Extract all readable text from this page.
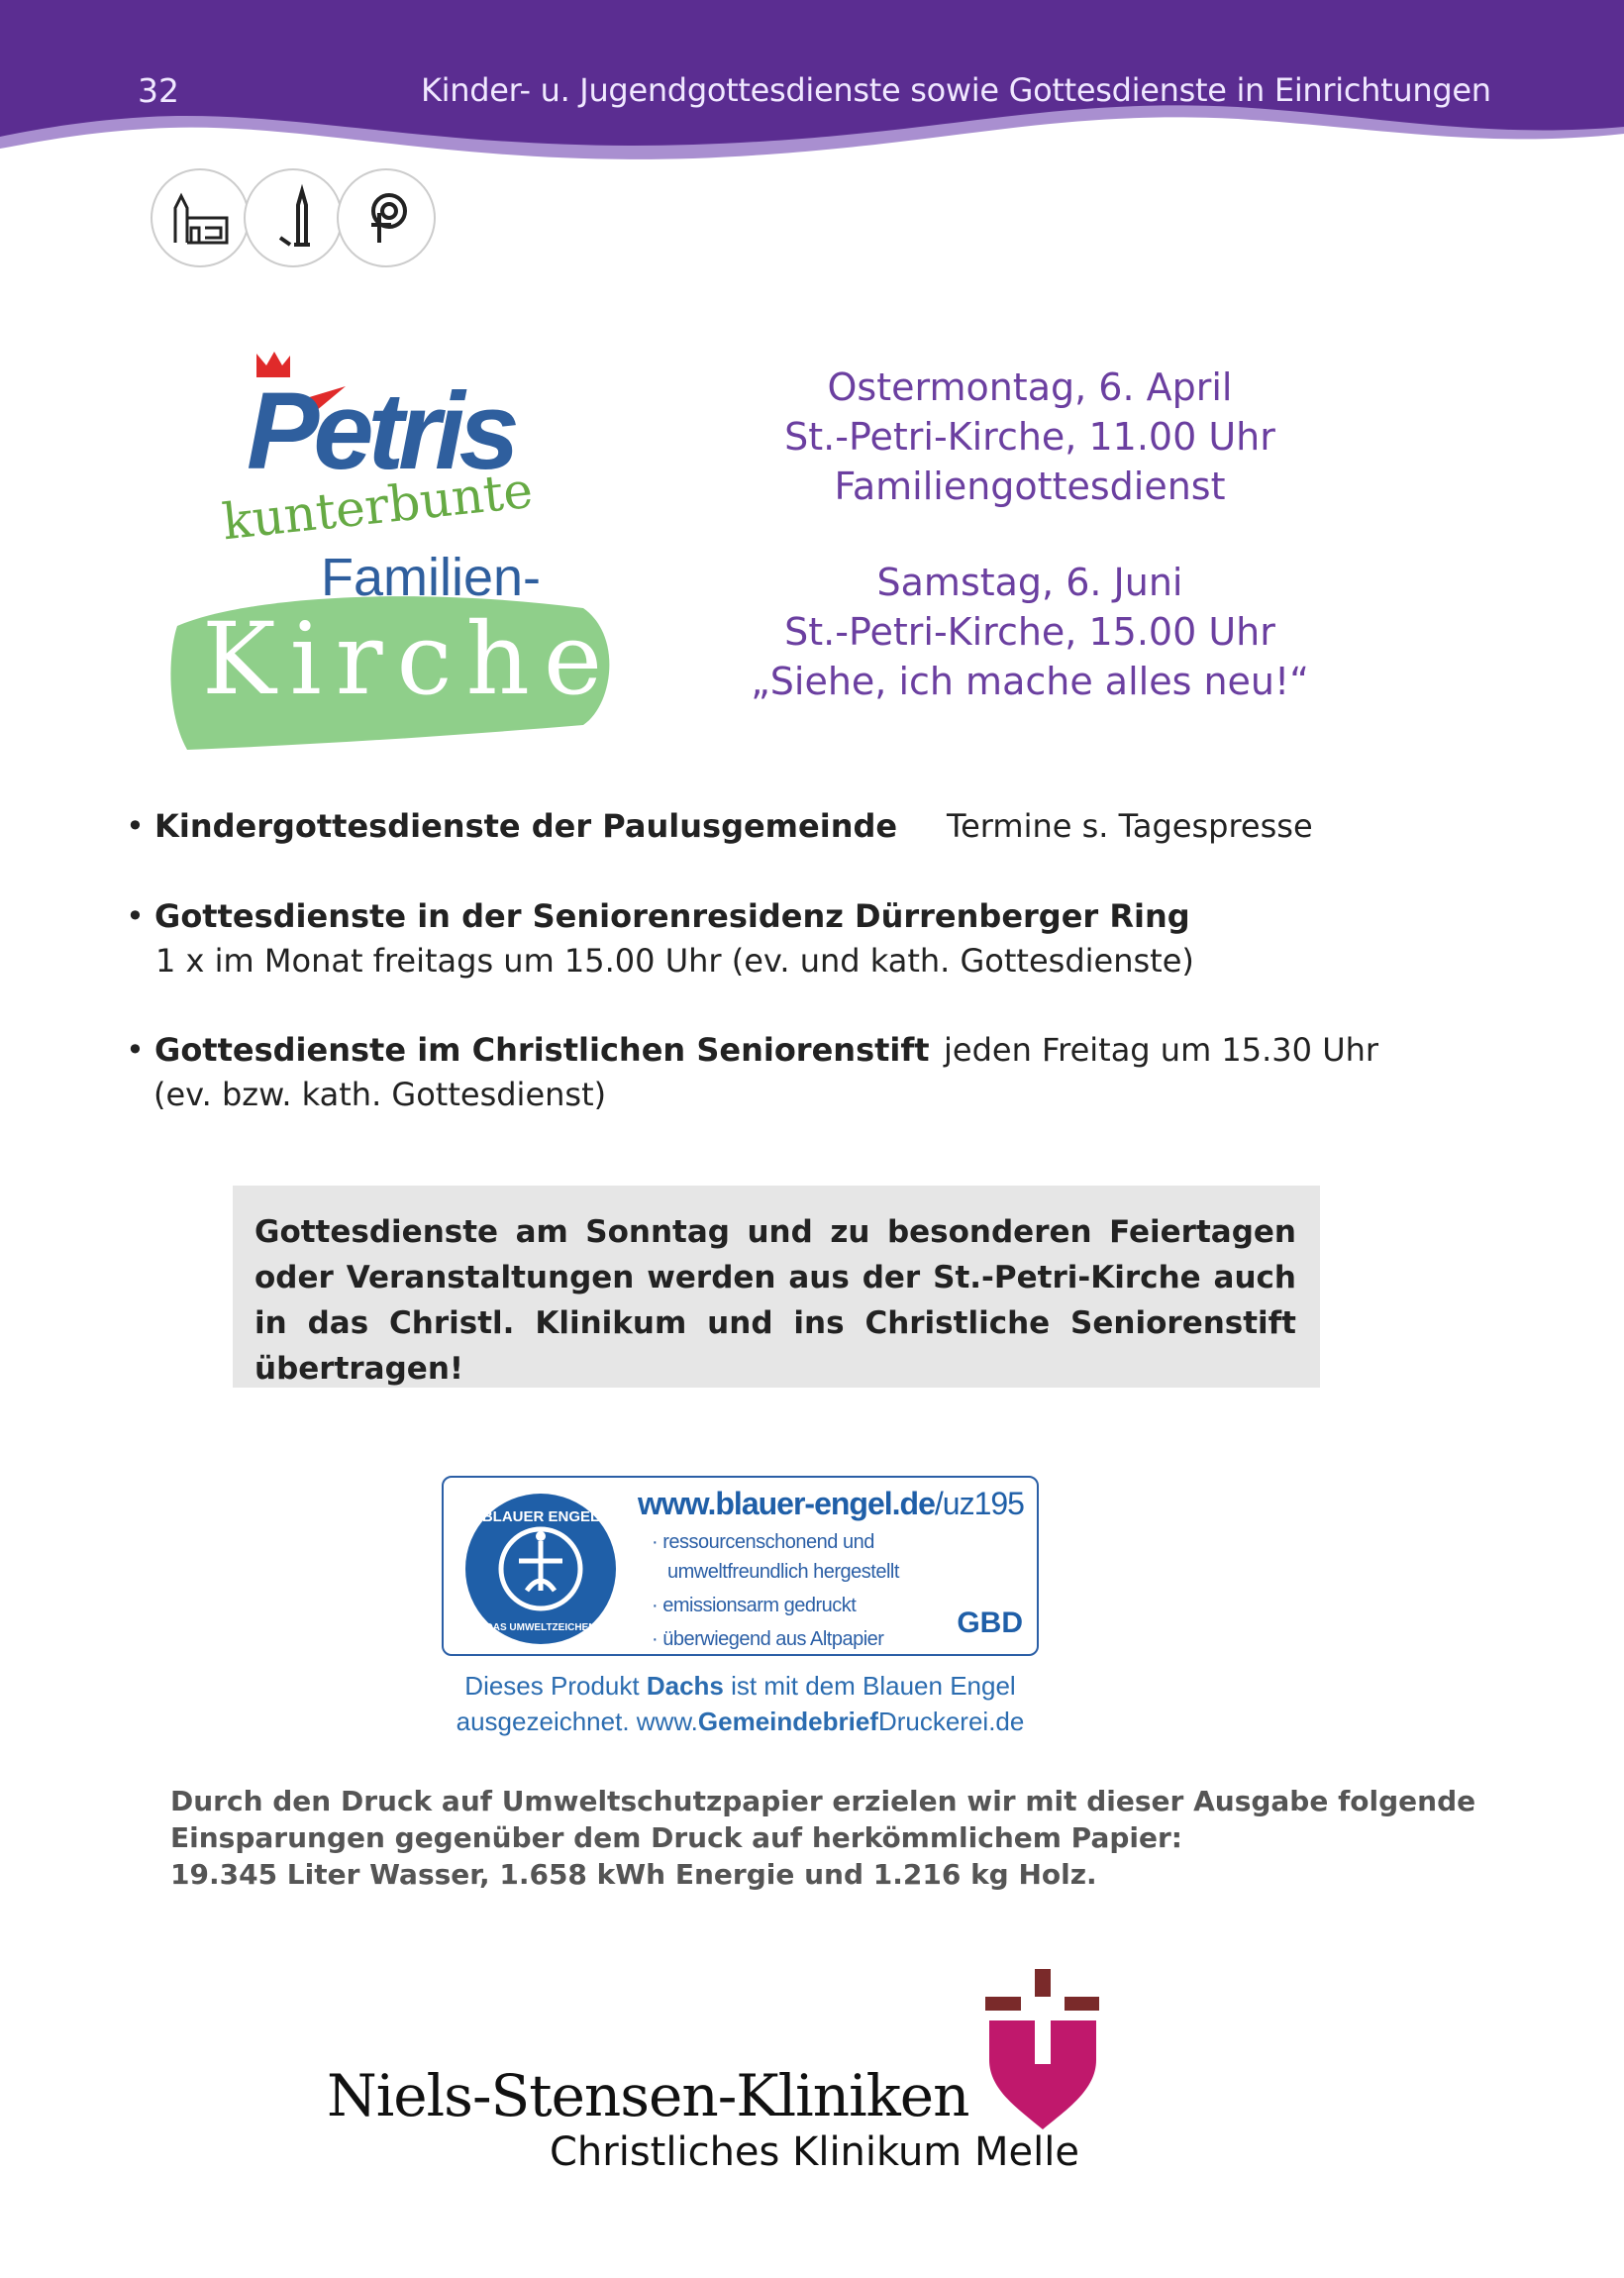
32	Kinder- u. Jugendgottesdienste sowie Gottesdienste in Einrichtungen
Petris
kunterbunte
Familien-
Kirche
Ostermontag, 6. April
St.-Petri-Kirche, 11.00 Uhr
Familiengottesdienst
Samstag, 6. Juni
St.-Petri-Kirche, 15.00 Uhr
„Siehe, ich mache alles neu!“
• Kindergottesdienste der Paulusgemeinde Termine s. Tagespresse
• Gottesdienste in der Seniorenresidenz Dürrenberger Ring
1 x im Monat freitags um 15.00 Uhr (ev. und kath. Gottesdienste)
• Gottesdienste im Christlichen Seniorenstift jeden Freitag um 15.30 Uhr
(ev. bzw. kath. Gottesdienst)
Gottesdienste am Sonntag und zu besonderen Feiertagen oder Veranstaltungen werden aus der St.-Petri-Kirche auch in das Christl. Klinikum und ins Christliche Seniorenstift übertragen!
BLAUER ENGEL
DAS UMWELTZEICHEN
www.blauer-engel.de/uz195
· ressourcenschonend und
umweltfreundlich hergestellt
· emissionsarm gedruckt
· überwiegend aus Altpapier	GBD
Dieses Produkt Dachs ist mit dem Blauen Engel
ausgezeichnet. www.GemeindebriefDruckerei.de
Durch den Druck auf Umweltschutzpapier erzielen wir mit dieser Ausgabe folgende
Einsparungen gegenüber dem Druck auf herkömmlichem Papier:
19.345 Liter Wasser, 1.658 kWh Energie und 1.216 kg Holz.
Niels-Stensen-Kliniken
Christliches Klinikum Melle
